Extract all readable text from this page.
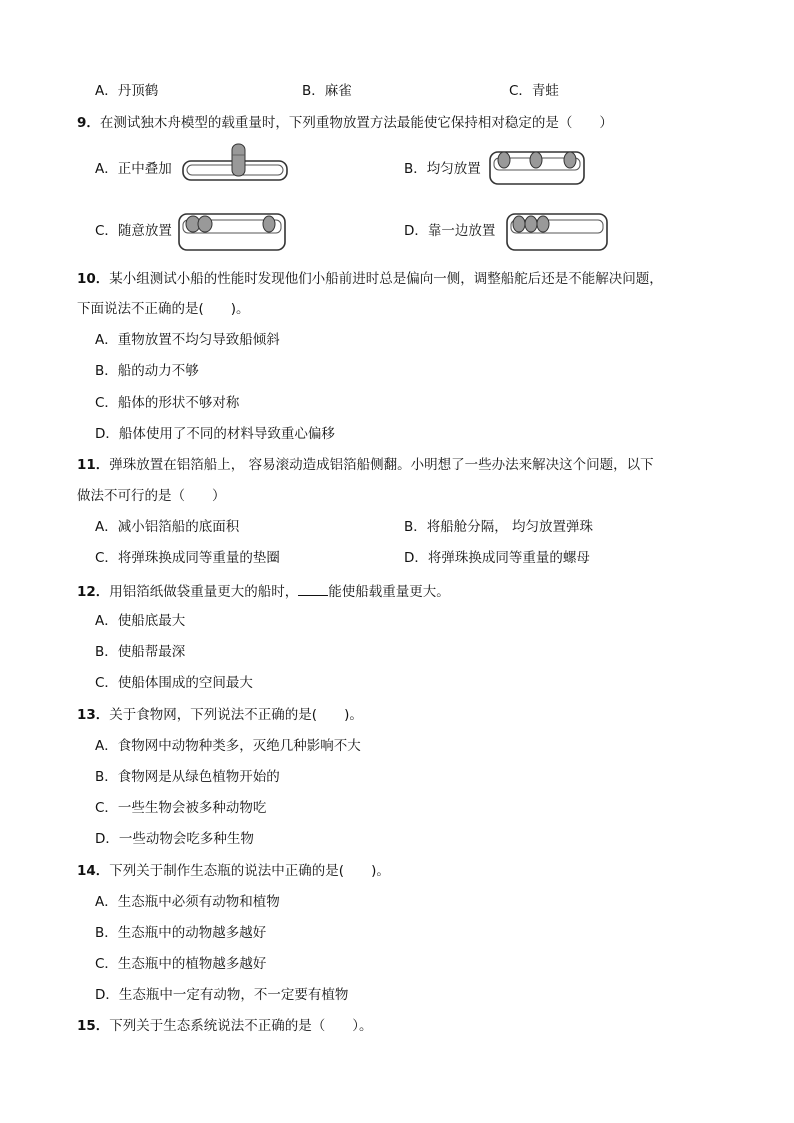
A．丹顶鹤	B．麻雀	C．青蛙
9．在测试独木舟模型的载重量时，下列重物放置方法最能使它保持相对稳定的是（　　）
A．正中叠加	B．均匀放置
C．随意放置	D．靠一边放置
10．某小组测试小船的性能时发现他们小船前进时总是偏向一侧，调整船舵后还是不能解决问题，
下面说法不正确的是(　　)。
A．重物放置不均匀导致船倾斜
B．船的动力不够
C．船体的形状不够对称
D．船体使用了不同的材料导致重心偏移
11．弹珠放置在铝箔船上， 容易滚动造成铝箔船侧翻。小明想了一些办法来解决这个问题，以下
做法不可行的是（　　）
A．减小铝箔船的底面积	B．将船舱分隔， 均匀放置弹珠
C．将弹珠换成同等重量的垫圈	D．将弹珠换成同等重量的螺母
12．用铝箔纸做袋重量更大的船时， 能使船载重量更大。
A．使船底最大
B．使船帮最深
C．使船体围成的空间最大
13．关于食物网，下列说法不正确的是(　　)。
A．食物网中动物种类多，灭绝几种影响不大
B．食物网是从绿色植物开始的
C．一些生物会被多种动物吃
D．一些动物会吃多种生物
14．下列关于制作生态瓶的说法中正确的是(　　)。
A．生态瓶中必须有动物和植物
B．生态瓶中的动物越多越好
C．生态瓶中的植物越多越好
D．生态瓶中一定有动物，不一定要有植物
15．下列关于生态系统说法不正确的是（　　）。
